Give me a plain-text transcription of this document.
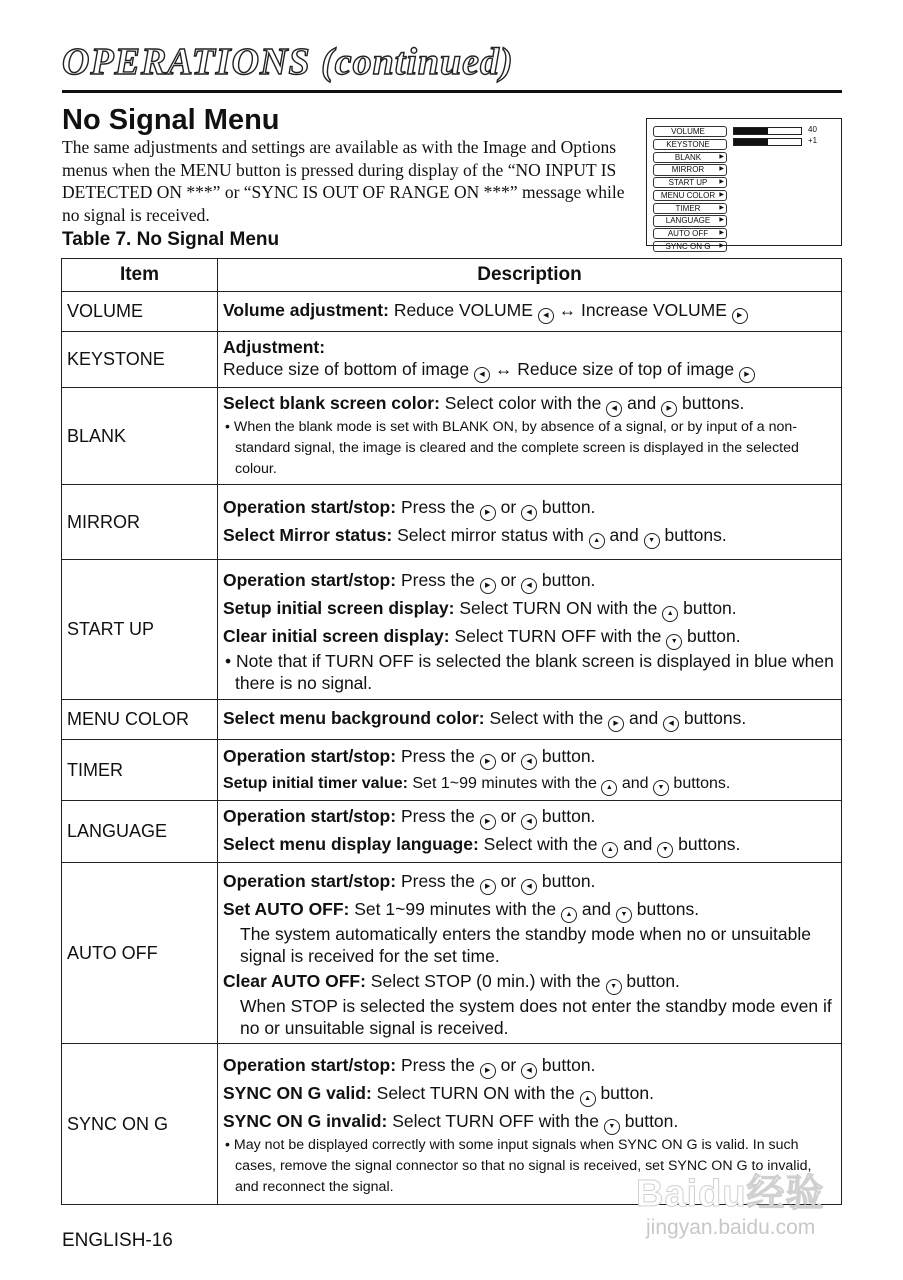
OPERATIONS (continued)
No Signal Menu

The same adjustments and settings are available as with the Image and Options menus when the MENU button is pressed during display of the “NO INPUT IS DETECTED ON ***” or “SYNC IS OUT OF RANGE ON ***” message while no signal is received.

Table 7. No Signal Menu
VOLUME
KEYSTONE
BLANK	▶
MIRROR	▶
START UP ▶
MENU COLOR ▶
TIMER	▶
LANGUAGE ▶
AUTO OFF ▶
SYNC ON G ▶
40
+1
Item	Description
VOLUME	Volume adjustment: Reduce VOLUME ◀ ↔ Increase VOLUME ▶

KEYSTONE	Adjustment:
Reduce size of bottom of image ◀ ↔ Reduce size of top of image ▶

BLANK	Select blank screen color: Select color with the ◀ and ▶ buttons.
• When the blank mode is set with BLANK ON, by absence of a signal, or by input of a non-standard signal, the image is cleared and the complete screen is displayed in the selected colour.

MIRROR	Operation start/stop: Press the ▶ or ◀ button.
Select Mirror status: Select mirror status with ▲ and ▼ buttons.

START UP	Operation start/stop: Press the ▶ or ◀ button.
Setup initial screen display: Select TURN ON with the ▲ button.
Clear initial screen display: Select TURN OFF with the ▼ button.
• Note that if TURN OFF is selected the blank screen is displayed in blue when there is no signal.

MENU COLOR	Select menu background color: Select with the ▶ and ◀ buttons.

TIMER	Operation start/stop: Press the ▶ or ◀ button.
Setup initial timer value: Set 1~99 minutes with the ▲ and ▼ buttons.

LANGUAGE	Operation start/stop: Press the ▶ or ◀ button.
Select menu display language: Select with the ▲ and ▼ buttons.

AUTO OFF	Operation start/stop: Press the ▶ or ◀ button.
Set AUTO OFF: Set 1~99 minutes with the ▲ and ▼ buttons.
The system automatically enters the standby mode when no or unsuitable signal is received for the set time.
Clear AUTO OFF: Select STOP (0 min.) with the ▼ button.
When STOP is selected the system does not enter the standby mode even if no or unsuitable signal is received.

SYNC ON G	Operation start/stop: Press the ▶ or ◀ button.
SYNC ON G valid: Select TURN ON with the ▲ button.
SYNC ON G invalid: Select TURN OFF with the ▼ button.
• May not be displayed correctly with some input signals when SYNC ON G is valid. In such cases, remove the signal connector so that no signal is received, set SYNC ON G to invalid, and reconnect the signal.	Baidu经验
jingyan.baidu.com
ENGLISH-16
